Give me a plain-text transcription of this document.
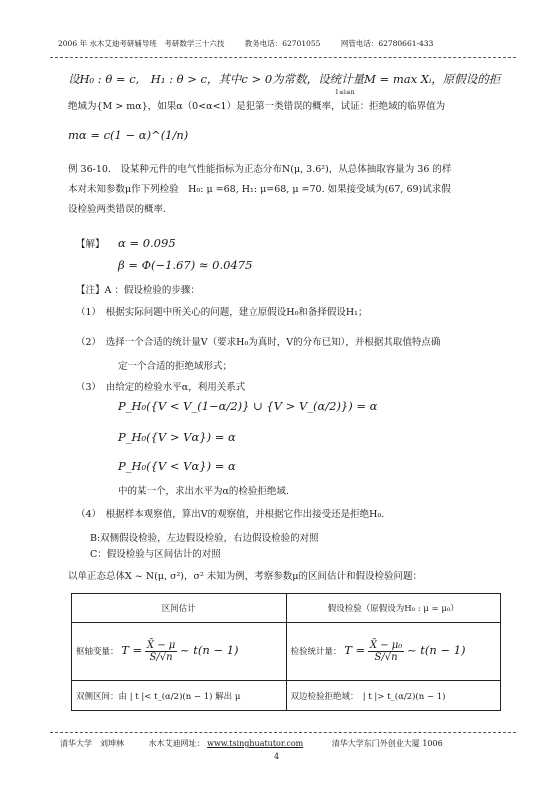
2006 年 水木艾迪考研辅导班　考研数学三十六技	教务电话：62701055	网管电话：62780661-433
设H₀ : θ = c,　H₁ : θ > c，其中c > 0为常数，设统计量M = max Xᵢ，原假设的拒
1≤i≤n
绝域为{M > mα}，如果α（0<α<1）是犯第一类错误的概率，试证：拒绝域的临界值为
mα = c(1 − α)^(1/n)
例 36-10.　设某种元件的电气性能指标为正态分布N(μ, 3.6²)，从总体抽取容量为 36 的样
本对未知参数μ作下列检验　H₀: μ =68, H₁: μ=68, μ =70. 如果接受域为(67, 69)试求假
设检验两类错误的概率.
【解】	α = 0.095
β = Φ(−1.67) ≈ 0.0475
【注】A ：假设检验的步骤：
（1）　根据实际问题中所关心的问题，建立原假设H₀和备择假设H₁；
（2）　选择一个合适的统计量V（要求H₀为真时，V的分布已知），并根据其取值特点确
定一个合适的拒绝域形式；
（3）　由给定的检验水平α，利用关系式
P_H₀({V < V_(1−α/2)} ∪ {V > V_(α/2)}) = α
P_H₀({V > Vα}) = α
P_H₀({V < Vα}) = α
中的某一个，求出水平为α的检验拒绝域.
（4）　根据样本观察值，算出V的观察值，并根据它作出接受还是拒绝H₀.
B:双侧假设检验，左边假设检验，右边假设检验的对照
C：假设检验与区间估计的对照
以单正态总体X ~ N(μ, σ²)，σ² 未知为例，考察参数μ的区间估计和假设检验问题：
区间估计	假设检验（原假设为H₀ : μ = μ₀）
枢轴变量： $T = \frac{X̄ - \mu}{S/√n}$ ~ t(n − 1)	检验统计量： $T = \frac{\text{X̄ − μ₀}}{S/√n}$ ~ t(n − 1)
双侧区间：由 | t |< t_(α/2)(n − 1) 解出 μ	双边检验拒绝域：　| t |> t_(α/2)(n − 1)
清华大学　刘坤林	水木艾迪网址： www.tsinghuatutor.com	清华大学东门外创业大厦 1006
4
